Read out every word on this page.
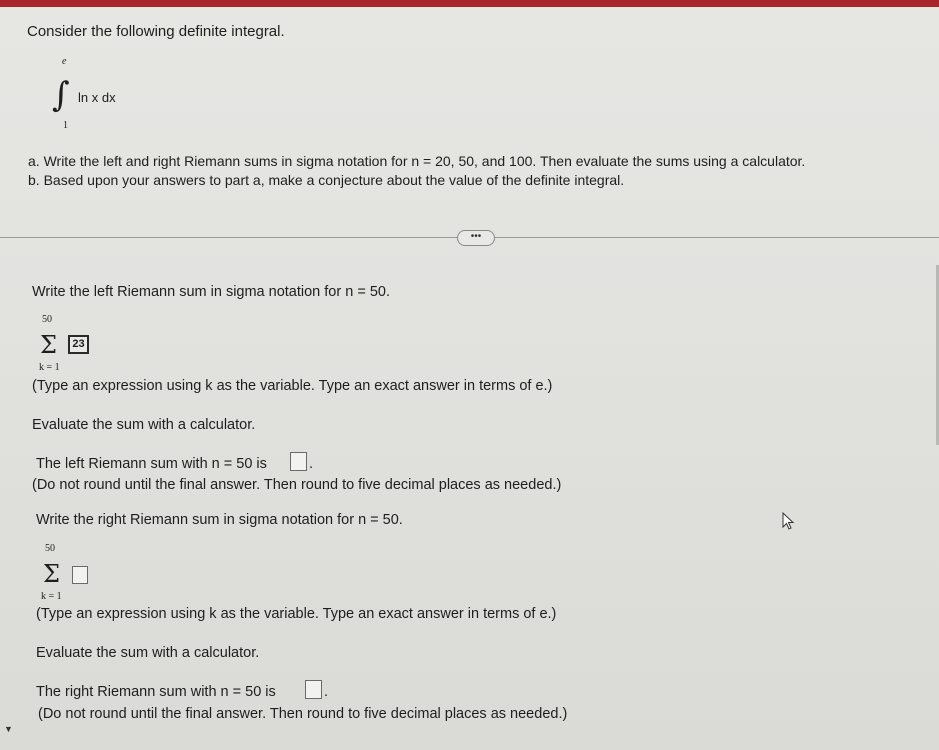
Consider the following definite integral.
e
∫
1
ln x dx
a. Write the left and right Riemann sums in sigma notation for n = 20, 50, and 100. Then evaluate the sums using a calculator.
b. Based upon your answers to part a, make a conjecture about the value of the definite integral.
•••
Write the left Riemann sum in sigma notation for n = 50.
50
Σ
k = 1
23
(Type an expression using k as the variable. Type an exact answer in terms of e.)
Evaluate the sum with a calculator.
The left Riemann sum with n = 50 is	.
(Do not round until the final answer. Then round to five decimal places as needed.)
Write the right Riemann sum in sigma notation for n = 50.
50
Σ
k = 1
(Type an expression using k as the variable. Type an exact answer in terms of e.)
Evaluate the sum with a calculator.
The right Riemann sum with n = 50 is	.
(Do not round until the final answer. Then round to five decimal places as needed.)
▼
